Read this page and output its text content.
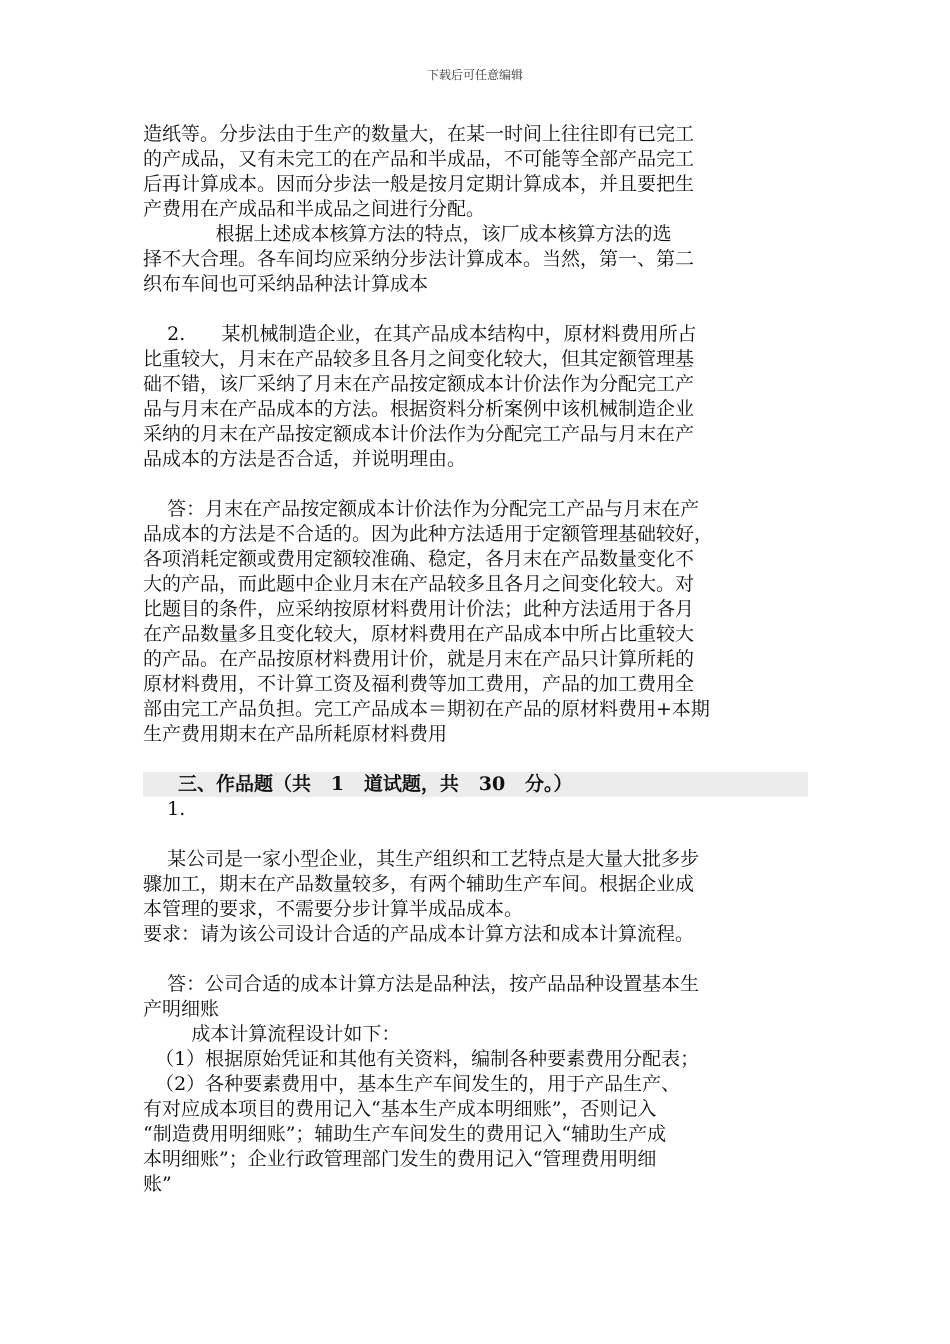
下载后可任意编辑
造纸等。分步法由于生产的数量大，在某一时间上往往即有已完工
的产成品，又有未完工的在产品和半成品，不可能等全部产品完工
后再计算成本。因而分步法一般是按月定期计算成本，并且要把生
产费用在产成品和半成品之间进行分配。
根据上述成本核算方法的特点，该厂成本核算方法的选
择不大合理。各车间均应采纳分步法计算成本。当然，第一、第二
织布车间也可采纳品种法计算成本
2.      某机械制造企业，在其产品成本结构中，原材料费用所占
比重较大，月末在产品较多且各月之间变化较大，但其定额管理基
础不错，该厂采纳了月末在产品按定额成本计价法作为分配完工产
品与月末在产品成本的方法。根据资料分析案例中该机械制造企业
采纳的月末在产品按定额成本计价法作为分配完工产品与月末在产
品成本的方法是否合适，并说明理由。
答：月末在产品按定额成本计价法作为分配完工产品与月末在产
品成本的方法是不合适的。因为此种方法适用于定额管理基础较好，
各项消耗定额或费用定额较准确、稳定，各月末在产品数量变化不
大的产品，而此题中企业月末在产品较多且各月之间变化较大。对
比题目的条件，应采纳按原材料费用计价法；此种方法适用于各月
在产品数量多且变化较大，原材料费用在产品成本中所占比重较大
的产品。在产品按原材料费用计价，就是月末在产品只计算所耗的
原材料费用，不计算工资及福利费等加工费用，产品的加工费用全
部由完工产品负担。完工产品成本＝期初在产品的原材料费用+本期
生产费用期末在产品所耗原材料费用
三、作品题（共   1   道试题，共   30   分。）
1.
某公司是一家小型企业，其生产组织和工艺特点是大量大批多步
骤加工，期末在产品数量较多，有两个辅助生产车间。根据企业成
本管理的要求，不需要分步计算半成品成本。
要求：请为该公司设计合适的产品成本计算方法和成本计算流程。
答：公司合适的成本计算方法是品种法，按产品品种设置基本生
产明细账
成本计算流程设计如下：
（1）根据原始凭证和其他有关资料，编制各种要素费用分配表；
（2）各种要素费用中，基本生产车间发生的，用于产品生产、
有对应成本项目的费用记入“基本生产成本明细账”，否则记入
“制造费用明细账”；辅助生产车间发生的费用记入“辅助生产成
本明细账”；企业行政管理部门发生的费用记入“管理费用明细
账”
